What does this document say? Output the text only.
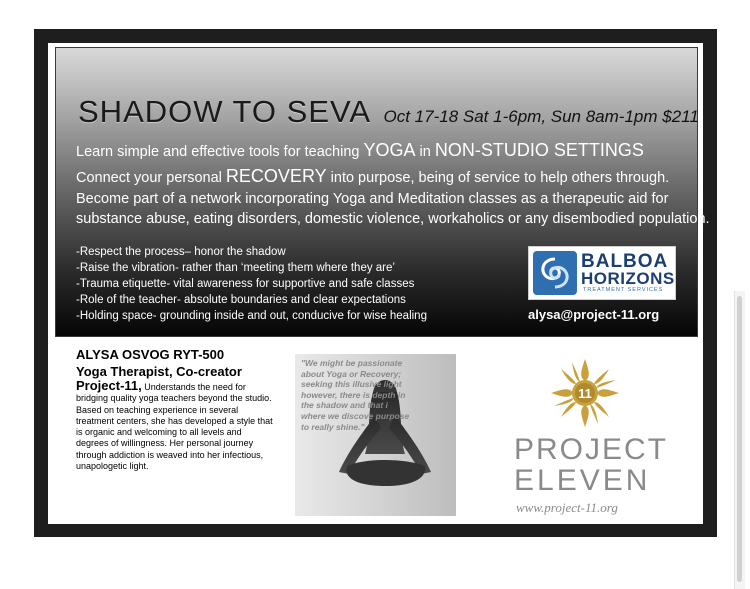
SHADOW TO SEVA Oct 17-18 Sat 1-6pm, Sun 8am-1pm $211
Learn simple and effective tools for teaching YOGA in NON-STUDIO SETTINGS
Connect your personal RECOVERY into purpose, being of service to help others through.
Become part of a network incorporating Yoga and Meditation classes as a therapeutic aid for
substance abuse, eating disorders, domestic violence, workaholics or any disembodied population.
-Respect the process– honor the shadow
-Raise the vibration- rather than ‘meeting them where they are’
-Trauma etiquette- vital awareness for supportive and safe classes
-Role of the teacher- absolute boundaries and clear expectations
-Holding space- grounding inside and out, conducive for wise healing
BALBOA
HORIZONS
TREATMENT SERVICES
alysa@project-11.org
ALYSA OSVOG RYT-500
Yoga Therapist, Co-creator
Project-11, Understands the need for bridging quality yoga teachers beyond the studio. Based on teaching experience in several treatment centers, she has developed a style that is organic and welcoming to all levels and degrees of willingness. Her personal journey through addiction is weaved into her infectious, unapologetic light.
"We might be passionate about Yoga or Recovery; seeking this illusive light however, there is depth in the shadow and that i where we discove purpose to really shine."
11
PROJECT
ELEVEN
www.project-11.org
